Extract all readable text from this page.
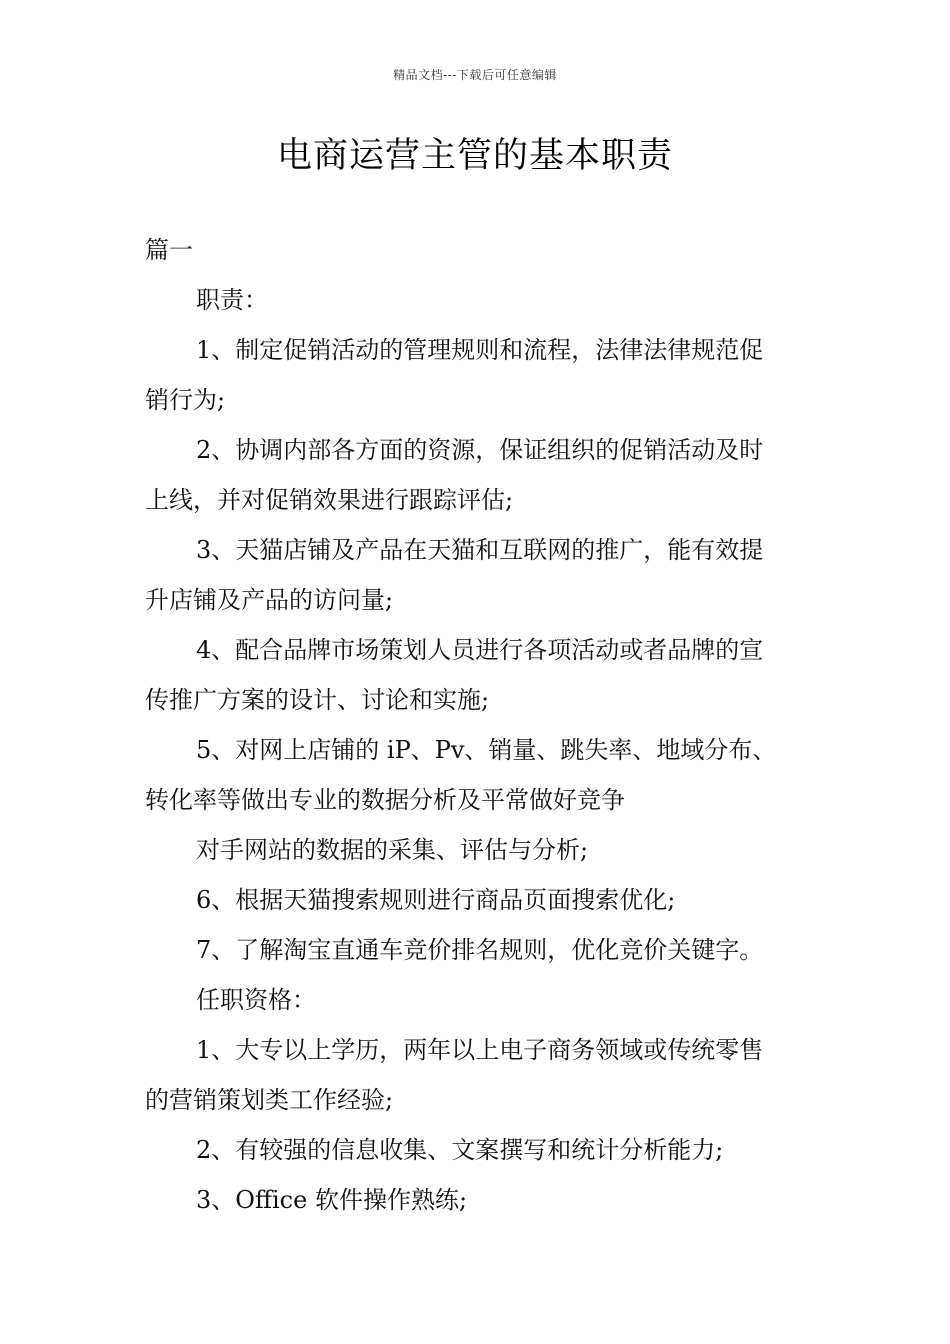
精品文档---下载后可任意编辑
电商运营主管的基本职责
篇一
职责：
1、制定促销活动的管理规则和流程，法律法律规范促
销行为;
2、协调内部各方面的资源，保证组织的促销活动及时
上线，并对促销效果进行跟踪评估;
3、天猫店铺及产品在天猫和互联网的推广，能有效提
升店铺及产品的访问量;
4、配合品牌市场策划人员进行各项活动或者品牌的宣
传推广方案的设计、讨论和实施;
5、对网上店铺的 iP、Pv、销量、跳失率、地域分布、
转化率等做出专业的数据分析及平常做好竞争
对手网站的数据的采集、评估与分析;
6、根据天猫搜索规则进行商品页面搜索优化;
7、了解淘宝直通车竞价排名规则，优化竞价关键字。
任职资格：
1、大专以上学历，两年以上电子商务领域或传统零售
的营销策划类工作经验;
2、有较强的信息收集、文案撰写和统计分析能力;
3、Office 软件操作熟练;
